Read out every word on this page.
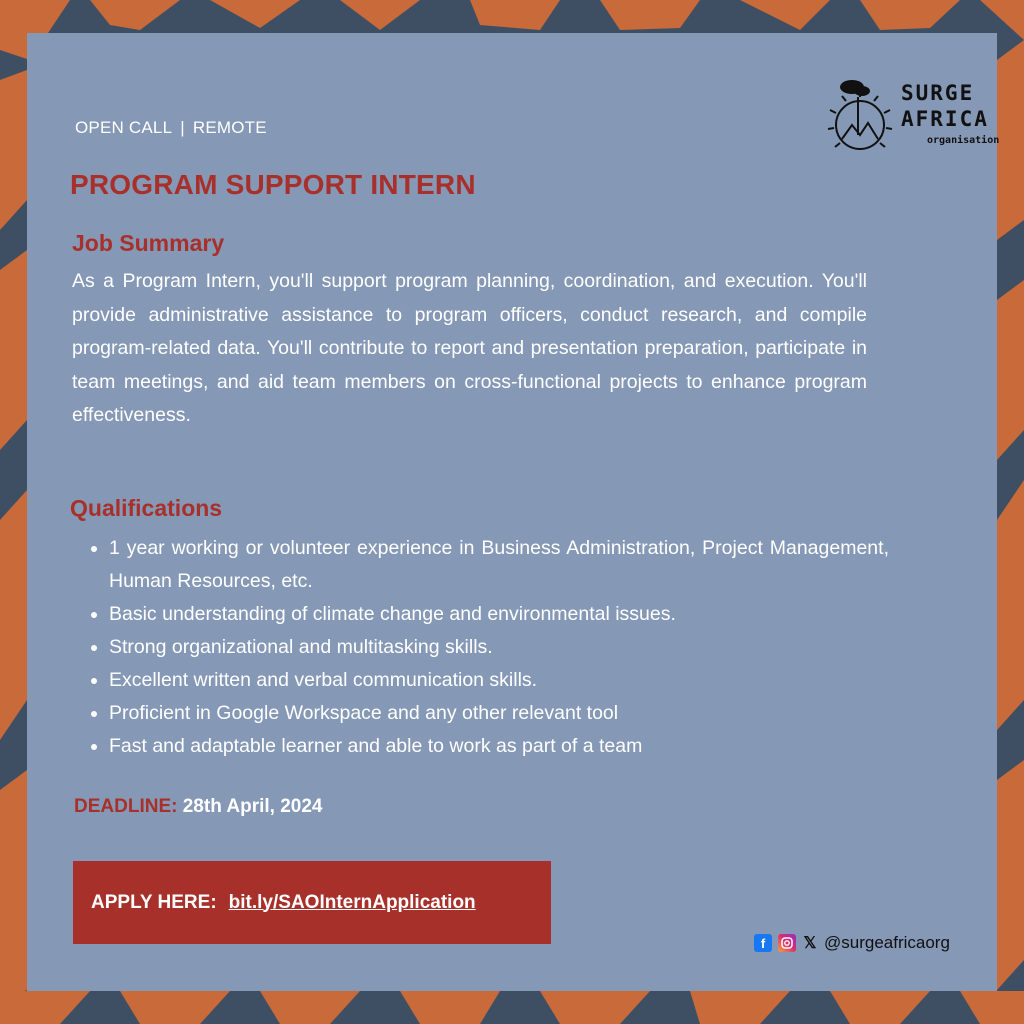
OPEN CALL | REMOTE
PROGRAM SUPPORT INTERN
Job Summary

As a Program Intern, you'll support program planning, coordination, and execution. You'll provide administrative assistance to program officers, conduct research, and compile program-related data. You'll contribute to report and presentation preparation, participate in team meetings, and aid team members on cross-functional projects to enhance program effectiveness.

Qualifications
• 1 year working or volunteer experience in Business Administration, Project Management, Human Resources, etc.
• Basic understanding of climate change and environmental issues.
• Strong organizational and multitasking skills.
• Excellent written and verbal communication skills.
• Proficient in Google Workspace and any other relevant tool
• Fast and adaptable learner and able to work as part of a team
DEADLINE: 28th April, 2024
APPLY HERE: bit.ly/SAOInternApplication
SURGE
AFRICA
organisation
f	𝕏 @surgeafricaorg
